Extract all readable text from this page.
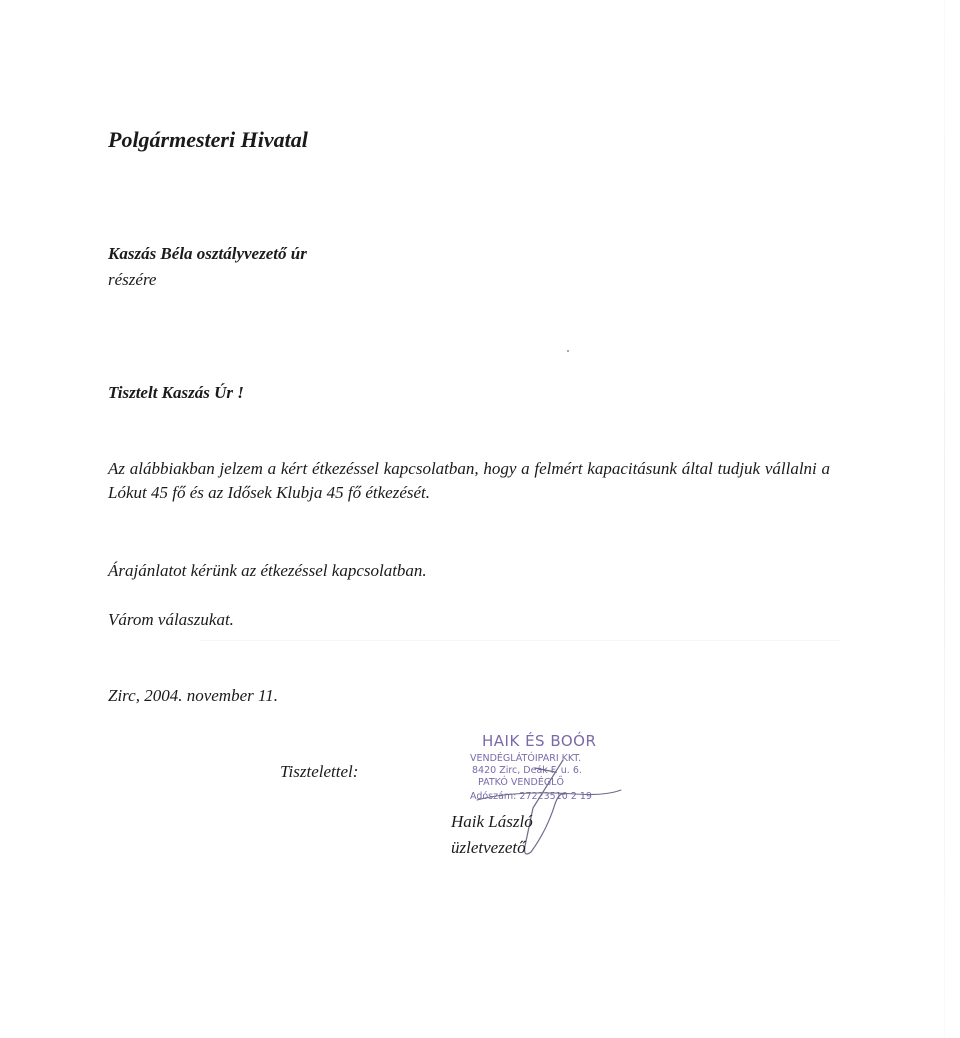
Polgármesteri Hivatal
Kaszás Béla osztályvezető úr
részére
Tisztelt Kaszás Úr !
Az alábbiakban jelzem a kért étkezéssel kapcsolatban, hogy a felmért kapacitásunk által tudjuk vállalni a Lókut 45 fő és az Idősek Klubja 45 fő étkezését.
Árajánlatot kérünk az étkezéssel kapcsolatban.
Várom válaszukat.
Zirc, 2004. november 11.
Tisztelettel:
HAIK ÉS BOÓR
VENDÉGLÁTÓIPARI KKT.
8420 Zirc, Deák F. u. 6.
PATKÓ VENDÉGLŐ
Adószám: 27223510 2 19
Haik László
üzletvezető
